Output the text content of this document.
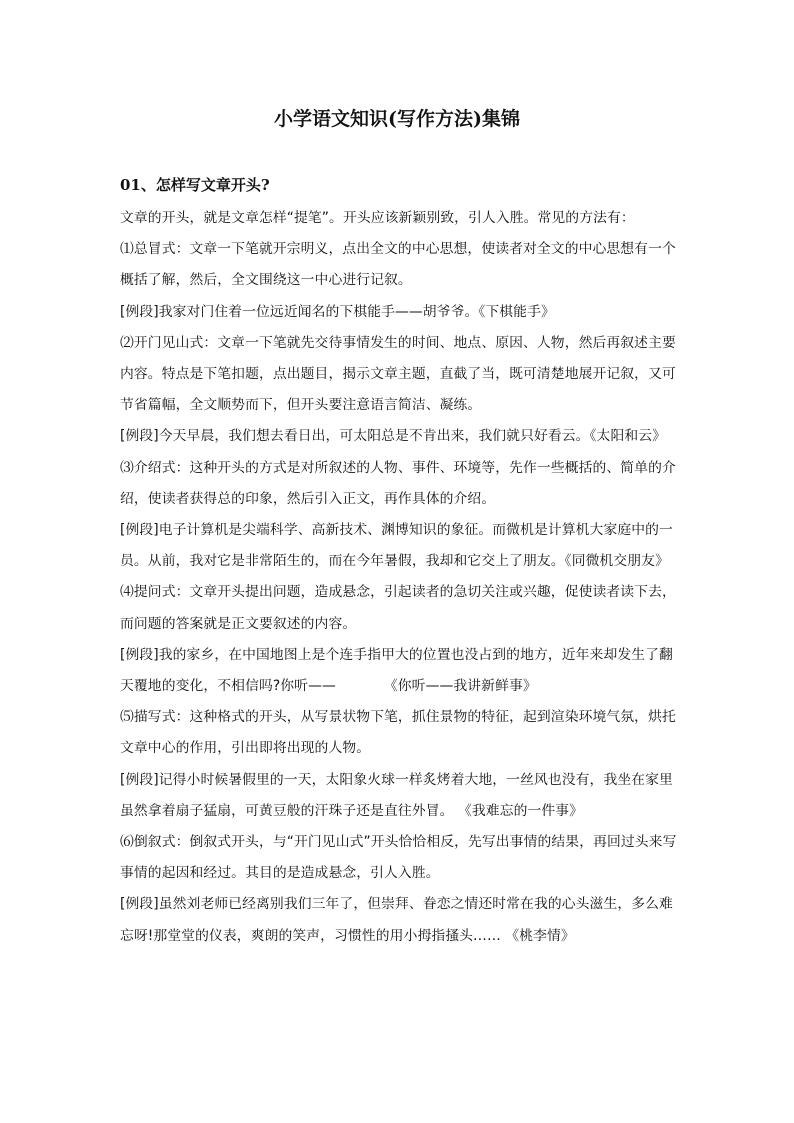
小学语文知识(写作方法)集锦
01、怎样写文章开头?

文章的开头，就是文章怎样“提笔”。开头应该新颖别致，引人入胜。常见的方法有：

⑴总冒式：文章一下笔就开宗明义，点出全文的中心思想，使读者对全文的中心思想有一个概括了解，然后，全文围绕这一中心进行记叙。

[例段]我家对门住着一位远近闻名的下棋能手——胡爷爷。《下棋能手》

⑵开门见山式：文章一下笔就先交待事情发生的时间、地点、原因、人物，然后再叙述主要内容。特点是下笔扣题，点出题目，揭示文章主题，直截了当，既可清楚地展开记叙，又可节省篇幅，全文顺势而下，但开头要注意语言简洁、凝练。

[例段]今天早晨，我们想去看日出，可太阳总是不肯出来，我们就只好看云。《太阳和云》

⑶介绍式：这种开头的方式是对所叙述的人物、事件、环境等，先作一些概括的、简单的介绍，使读者获得总的印象，然后引入正文，再作具体的介绍。

[例段]电子计算机是尖端科学、高新技术、渊博知识的象征。而微机是计算机大家庭中的一员。从前，我对它是非常陌生的，而在今年暑假，我却和它交上了朋友。《同微机交朋友》

⑷提问式：文章开头提出问题，造成悬念，引起读者的急切关注或兴趣，促使读者读下去，而问题的答案就是正文要叙述的内容。

[例段]我的家乡，在中国地图上是个连手指甲大的位置也没占到的地方，近年来却发生了翻天覆地的变化，不相信吗?你听——	《你听——我讲新鲜事》

⑸描写式：这种格式的开头，从写景状物下笔，抓住景物的特征，起到渲染环境气氛，烘托文章中心的作用，引出即将出现的人物。

[例段]记得小时候暑假里的一天，太阳象火球一样炙烤着大地，一丝风也没有，我坐在家里虽然拿着扇子猛扇，可黄豆般的汗珠子还是直往外冒。 《我难忘的一件事》

⑹倒叙式：倒叙式开头，与“开门见山式”开头恰恰相反，先写出事情的结果，再回过头来写事情的起因和经过。其目的是造成悬念，引人入胜。

[例段]虽然刘老师已经离别我们三年了，但崇拜、眷恋之情还时常在我的心头滋生，多么难忘呀!那堂堂的仪表，爽朗的笑声，习惯性的用小拇指搔头…… 《桃李情》
